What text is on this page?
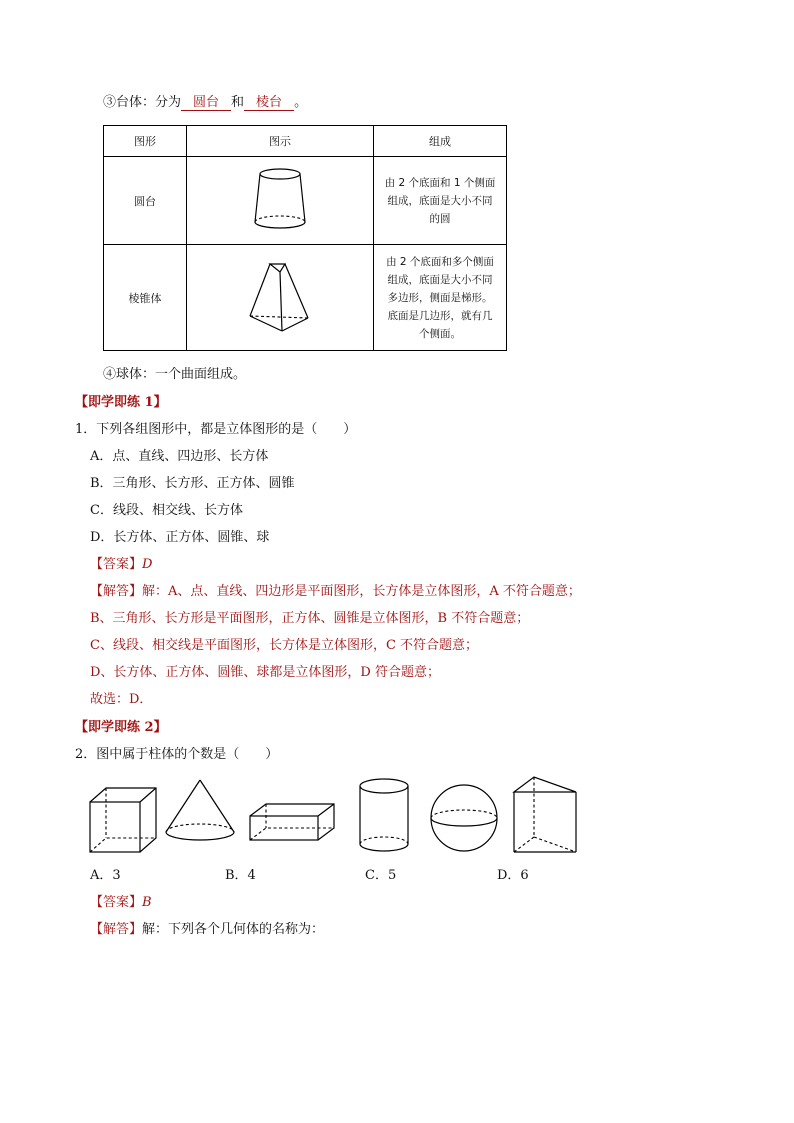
③台体：分为 圆台 和 棱台 。
图形	图示	组成
圆台		由 2 个底面和 1 个侧面
组成，底面是大小不同
的圆

棱锥体		由 2 个底面和多个侧面
组成，底面是大小不同
多边形，侧面是梯形。
底面是几边形，就有几
个侧面。
④球体：一个曲面组成。
【即学即练 1】
1．下列各组图形中，都是立体图形的是（　　）
A．点、直线、四边形、长方体
B．三角形、长方形、正方体、圆锥
C．线段、相交线、长方体
D．长方体、正方体、圆锥、球
【答案】D
【解答】解：A、点、直线、四边形是平面图形，长方体是立体图形，A 不符合题意；
B、三角形、长方形是平面图形，正方体、圆锥是立体图形，B 不符合题意；
C、线段、相交线是平面图形，长方体是立体图形，C 不符合题意；
D、长方体、正方体、圆锥、球都是立体图形，D 符合题意；
故选：D．
【即学即练 2】
2．图中属于柱体的个数是（　　）
A．3	B．4	C．5	D．6
【答案】B
【解答】解：下列各个几何体的名称为：
